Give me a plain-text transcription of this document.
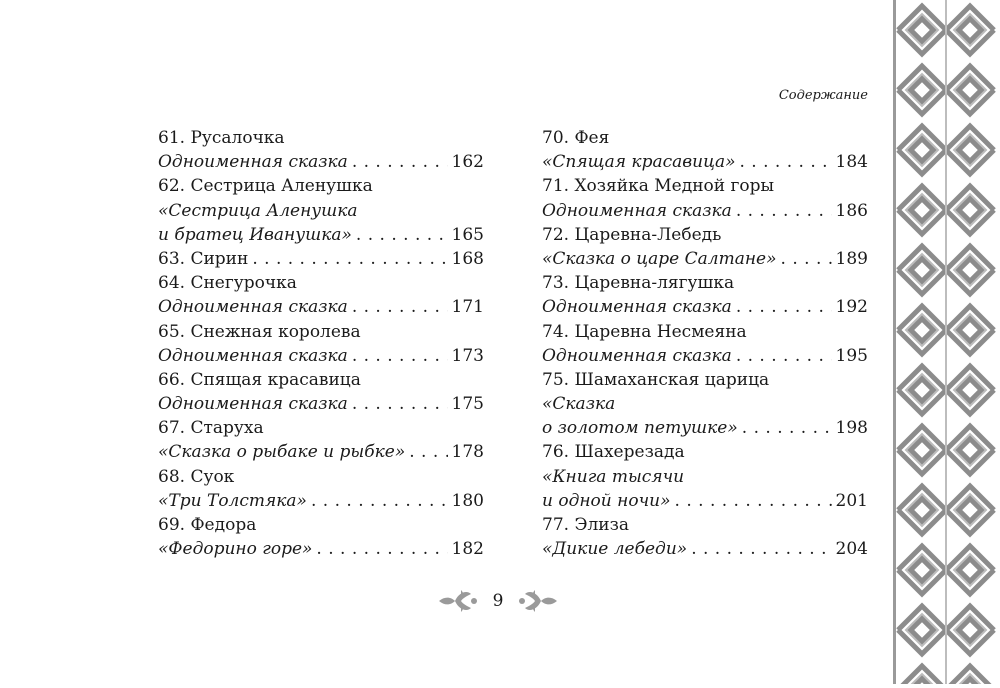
Содержание
61. Русалочка
Одноименная сказка . . .	162
62. Сестрица Аленушка
«Сестрица Аленушка
и братец Иванушка» . . .	165
63. Сирин . . .	168
64. Снегурочка
Одноименная сказка . . .	171
65. Снежная королева
Одноименная сказка . . .	173
66. Спящая красавица
Одноименная сказка . . .	175
67. Старуха
«Сказка о рыбаке и рыбке» . . .	178
68. Суок
«Три Толстяка» . . .	180
69. Федора
«Федорино горе» . . .	182
70. Фея
«Спящая красавица» . . .	184
71. Хозяйка Медной горы
Одноименная сказка . . .	186
72. Царевна-Лебедь
«Сказка о царе Салтане» . . .	189
73. Царевна-лягушка
Одноименная сказка . . .	192
74. Царевна Несмеяна
Одноименная сказка . . .	195
75. Шамаханская царица
«Сказка
о золотом петушке» . . .	198
76. Шахерезада
«Книга тысячи
и одной ночи» . . .	201
77. Элиза
«Дикие лебеди» . . .	204
9
